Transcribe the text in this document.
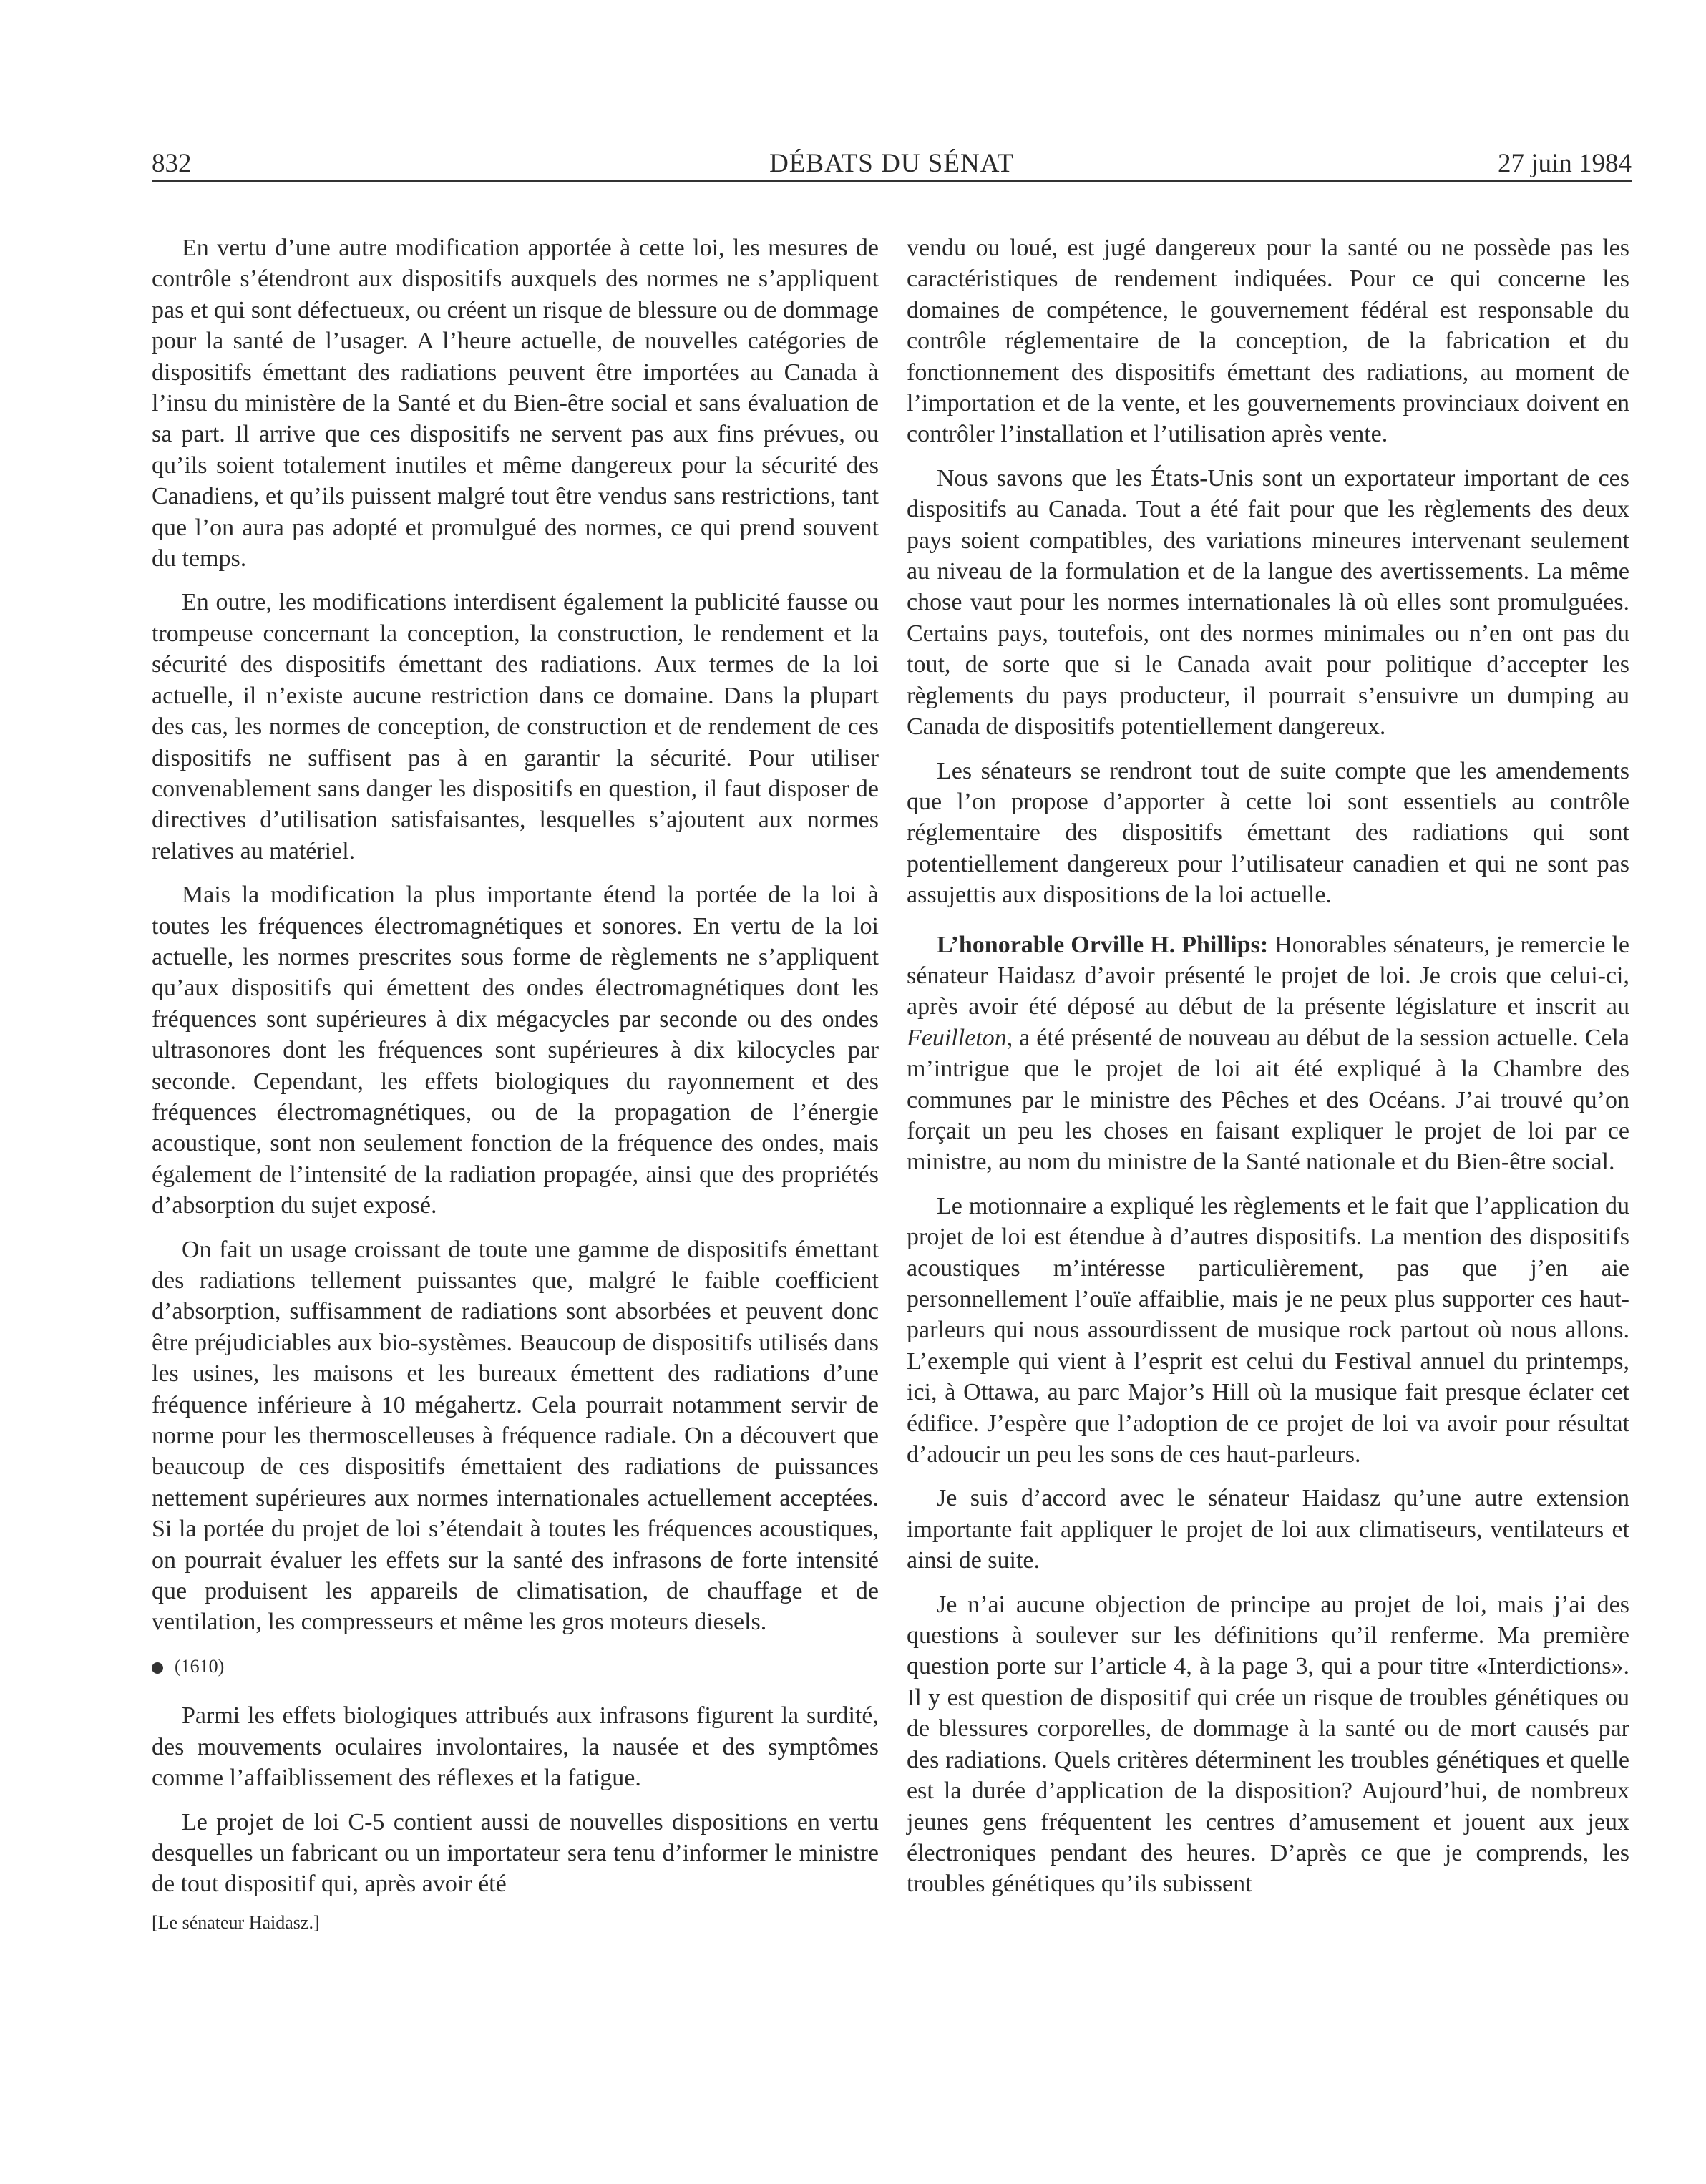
832	DÉBATS DU SÉNAT	27 juin 1984

En vertu d’une autre modification apportée à cette loi, les mesures de contrôle s’étendront aux dispositifs auxquels des normes ne s’appliquent pas et qui sont défectueux, ou créent un risque de blessure ou de dommage pour la santé de l’usager. A l’heure actuelle, de nouvelles catégories de dispositifs émettant des radiations peuvent être importées au Canada à l’insu du ministère de la Santé et du Bien-être social et sans évaluation de sa part. Il arrive que ces dispositifs ne servent pas aux fins prévues, ou qu’ils soient totalement inutiles et même dangereux pour la sécurité des Canadiens, et qu’ils puissent malgré tout être vendus sans restrictions, tant que l’on aura pas adopté et promulgué des normes, ce qui prend souvent du temps.

En outre, les modifications interdisent également la publicité fausse ou trompeuse concernant la conception, la construction, le rendement et la sécurité des dispositifs émettant des radiations. Aux termes de la loi actuelle, il n’existe aucune restriction dans ce domaine. Dans la plupart des cas, les normes de conception, de construction et de rendement de ces dispositifs ne suffisent pas à en garantir la sécurité. Pour utiliser convenablement sans danger les dispositifs en question, il faut disposer de directives d’utilisation satisfaisantes, lesquelles s’ajoutent aux normes relatives au matériel.

Mais la modification la plus importante étend la portée de la loi à toutes les fréquences électromagnétiques et sonores. En vertu de la loi actuelle, les normes prescrites sous forme de règlements ne s’appliquent qu’aux dispositifs qui émettent des ondes électromagnétiques dont les fréquences sont supérieures à dix mégacycles par seconde ou des ondes ultrasonores dont les fréquences sont supérieures à dix kilocycles par seconde. Cependant, les effets biologiques du rayonnement et des fréquences électromagnétiques, ou de la propagation de l’énergie acoustique, sont non seulement fonction de la fréquence des ondes, mais également de l’intensité de la radiation propagée, ainsi que des propriétés d’absorption du sujet exposé.

On fait un usage croissant de toute une gamme de dispositifs émettant des radiations tellement puissantes que, malgré le faible coefficient d’absorption, suffisamment de radiations sont absorbées et peuvent donc être préjudiciables aux bio-systèmes. Beaucoup de dispositifs utilisés dans les usines, les maisons et les bureaux émettent des radiations d’une fréquence inférieure à 10 mégahertz. Cela pourrait notamment servir de norme pour les thermoscelleuses à fréquence radiale. On a découvert que beaucoup de ces dispositifs émettaient des radiations de puissances nettement supérieures aux normes internationales actuellement acceptées. Si la portée du projet de loi s’étendait à toutes les fréquences acoustiques, on pourrait évaluer les effets sur la santé des infrasons de forte intensité que produisent les appareils de climatisation, de chauffage et de ventilation, les compresseurs et même les gros moteurs diesels.

(1610)

Parmi les effets biologiques attribués aux infrasons figurent la surdité, des mouvements oculaires involontaires, la nausée et des symptômes comme l’affaiblissement des réflexes et la fatigue.

Le projet de loi C-5 contient aussi de nouvelles dispositions en vertu desquelles un fabricant ou un importateur sera tenu d’informer le ministre de tout dispositif qui, après avoir été

[Le sénateur Haidasz.]

vendu ou loué, est jugé dangereux pour la santé ou ne possède pas les caractéristiques de rendement indiquées. Pour ce qui concerne les domaines de compétence, le gouvernement fédéral est responsable du contrôle réglementaire de la conception, de la fabrication et du fonctionnement des dispositifs émettant des radiations, au moment de l’importation et de la vente, et les gouvernements provinciaux doivent en contrôler l’installation et l’utilisation après vente.

Nous savons que les États-Unis sont un exportateur important de ces dispositifs au Canada. Tout a été fait pour que les règlements des deux pays soient compatibles, des variations mineures intervenant seulement au niveau de la formulation et de la langue des avertissements. La même chose vaut pour les normes internationales là où elles sont promulguées. Certains pays, toutefois, ont des normes minimales ou n’en ont pas du tout, de sorte que si le Canada avait pour politique d’accepter les règlements du pays producteur, il pourrait s’ensuivre un dumping au Canada de dispositifs potentiellement dangereux.

Les sénateurs se rendront tout de suite compte que les amendements que l’on propose d’apporter à cette loi sont essentiels au contrôle réglementaire des dispositifs émettant des radiations qui sont potentiellement dangereux pour l’utilisateur canadien et qui ne sont pas assujettis aux dispositions de la loi actuelle.

L’honorable Orville H. Phillips: Honorables sénateurs, je remercie le sénateur Haidasz d’avoir présenté le projet de loi. Je crois que celui-ci, après avoir été déposé au début de la présente législature et inscrit au Feuilleton, a été présenté de nouveau au début de la session actuelle. Cela m’intrigue que le projet de loi ait été expliqué à la Chambre des communes par le ministre des Pêches et des Océans. J’ai trouvé qu’on forçait un peu les choses en faisant expliquer le projet de loi par ce ministre, au nom du ministre de la Santé nationale et du Bien-être social.

Le motionnaire a expliqué les règlements et le fait que l’application du projet de loi est étendue à d’autres dispositifs. La mention des dispositifs acoustiques m’intéresse particulièrement, pas que j’en aie personnellement l’ouïe affaiblie, mais je ne peux plus supporter ces haut-parleurs qui nous assourdissent de musique rock partout où nous allons. L’exemple qui vient à l’esprit est celui du Festival annuel du printemps, ici, à Ottawa, au parc Major’s Hill où la musique fait presque éclater cet édifice. J’espère que l’adoption de ce projet de loi va avoir pour résultat d’adoucir un peu les sons de ces haut-parleurs.

Je suis d’accord avec le sénateur Haidasz qu’une autre extension importante fait appliquer le projet de loi aux climatiseurs, ventilateurs et ainsi de suite.

Je n’ai aucune objection de principe au projet de loi, mais j’ai des questions à soulever sur les définitions qu’il renferme. Ma première question porte sur l’article 4, à la page 3, qui a pour titre «Interdictions». Il y est question de dispositif qui crée un risque de troubles génétiques ou de blessures corporelles, de dommage à la santé ou de mort causés par des radiations. Quels critères déterminent les troubles génétiques et quelle est la durée d’application de la disposition? Aujourd’hui, de nombreux jeunes gens fréquentent les centres d’amusement et jouent aux jeux électroniques pendant des heures. D’après ce que je comprends, les troubles génétiques qu’ils subissent
